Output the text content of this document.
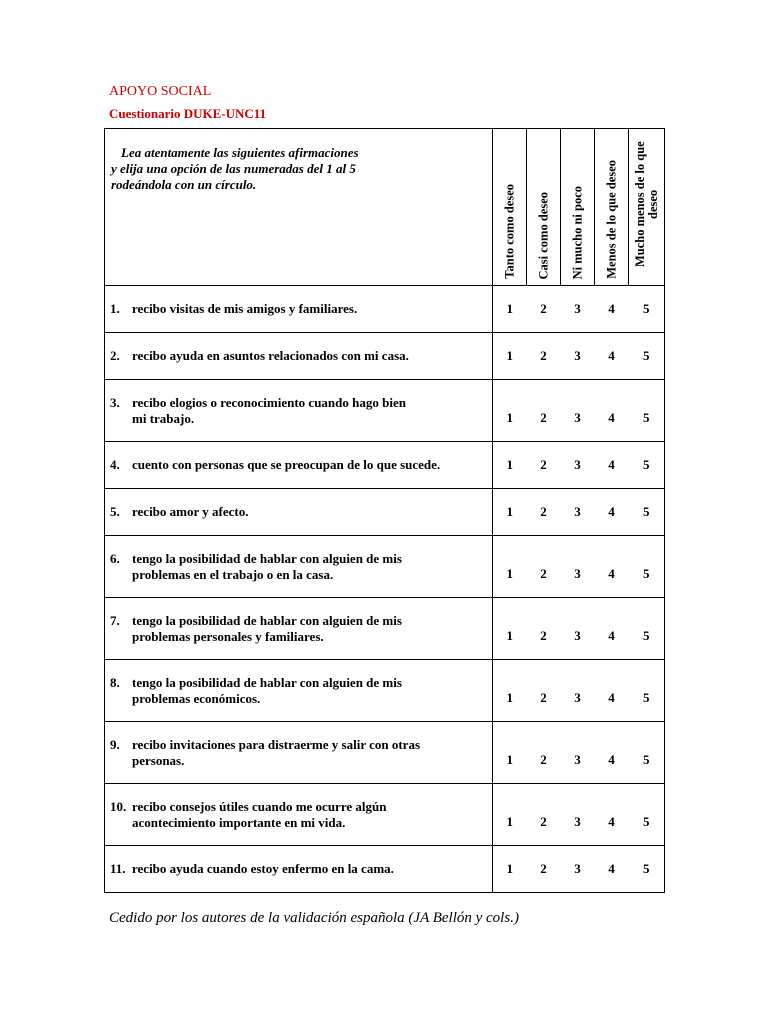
APOYO SOCIAL
Cuestionario DUKE-UNC11
Lea atentamente las siguientes afirmaciones
y elija una opción de las numeradas del 1 al 5
rodeándola con un círculo.	Tanto como deseo	Casi como deseo	Ni mucho ni poco	Menos de lo que deseo	Mucho menos de lo que deseo

1. recibo visitas de mis amigos y familiares.	1	2	3	4	5

2. recibo ayuda en asuntos relacionados con mi casa.	1	2	3	4	5

3. recibo elogios o reconocimiento cuando hago bien
mi trabajo.	1	2	3	4	5

4. cuento con personas que se preocupan de lo que sucede.	1	2	3	4	5

5. recibo amor y afecto.	1	2	3	4	5

6. tengo la posibilidad de hablar con alguien de mis
problemas en el trabajo o en la casa.	1	2	3	4	5

7. tengo la posibilidad de hablar con alguien de mis
problemas personales y familiares.	1	2	3	4	5

8. tengo la posibilidad de hablar con alguien de mis
problemas económicos.	1	2	3	4	5

9. recibo invitaciones para distraerme y salir con otras
personas.	1	2	3	4	5

10. recibo consejos útiles cuando me ocurre algún
acontecimiento importante en mi vida.	1	2	3	4	5

11. recibo ayuda cuando estoy enfermo en la cama.	1	2	3	4	5

Cedido por los autores de la validación española (JA Bellón y cols.)
